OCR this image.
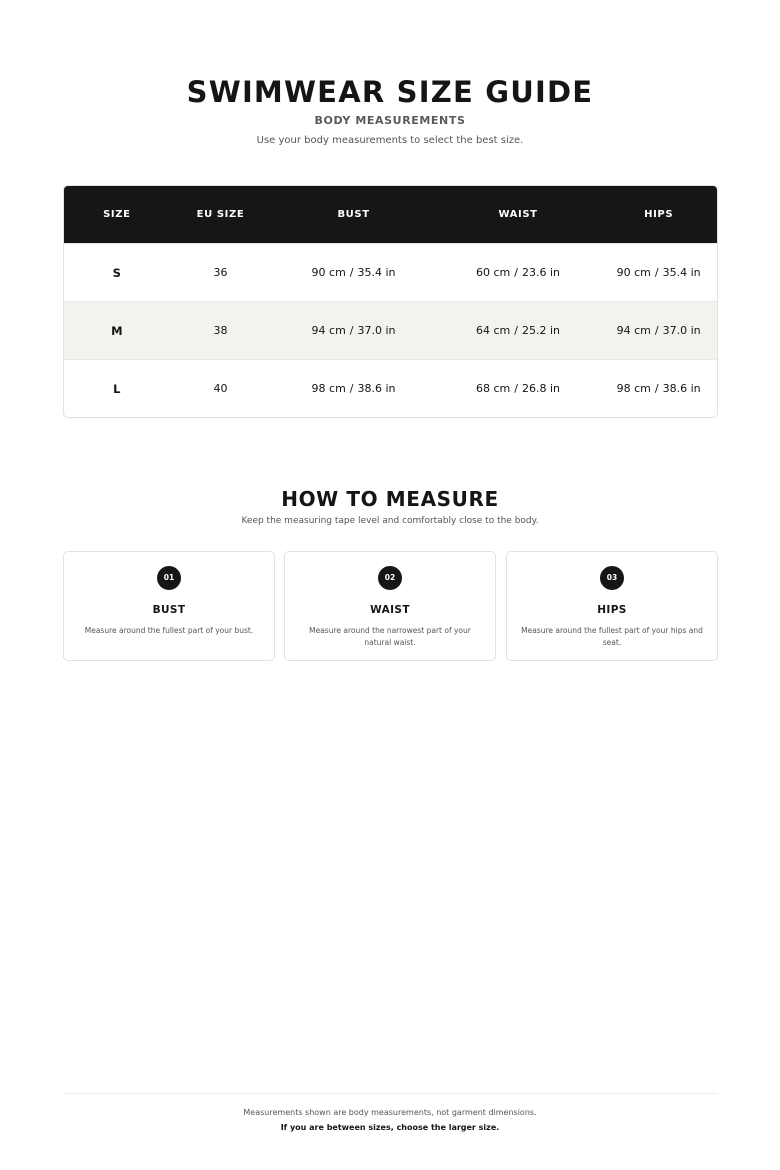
SWIMWEAR SIZE GUIDE
BODY MEASUREMENTS
Use your body measurements to select the best size.
SIZE	EU SIZE	BUST	WAIST	HIPS
S	36	90 cm / 35.4 in	60 cm / 23.6 in	90 cm / 35.4 in
M	38	94 cm / 37.0 in	64 cm / 25.2 in	94 cm / 37.0 in
L	40	98 cm / 38.6 in	68 cm / 26.8 in	98 cm / 38.6 in
HOW TO MEASURE
Keep the measuring tape level and comfortably close to the body.
01
BUST
Measure around the fullest part of your bust.
02
WAIST
Measure around the narrowest part of your natural waist.
03
HIPS
Measure around the fullest part of your hips and seat.
Measurements shown are body measurements, not garment dimensions.
If you are between sizes, choose the larger size.
